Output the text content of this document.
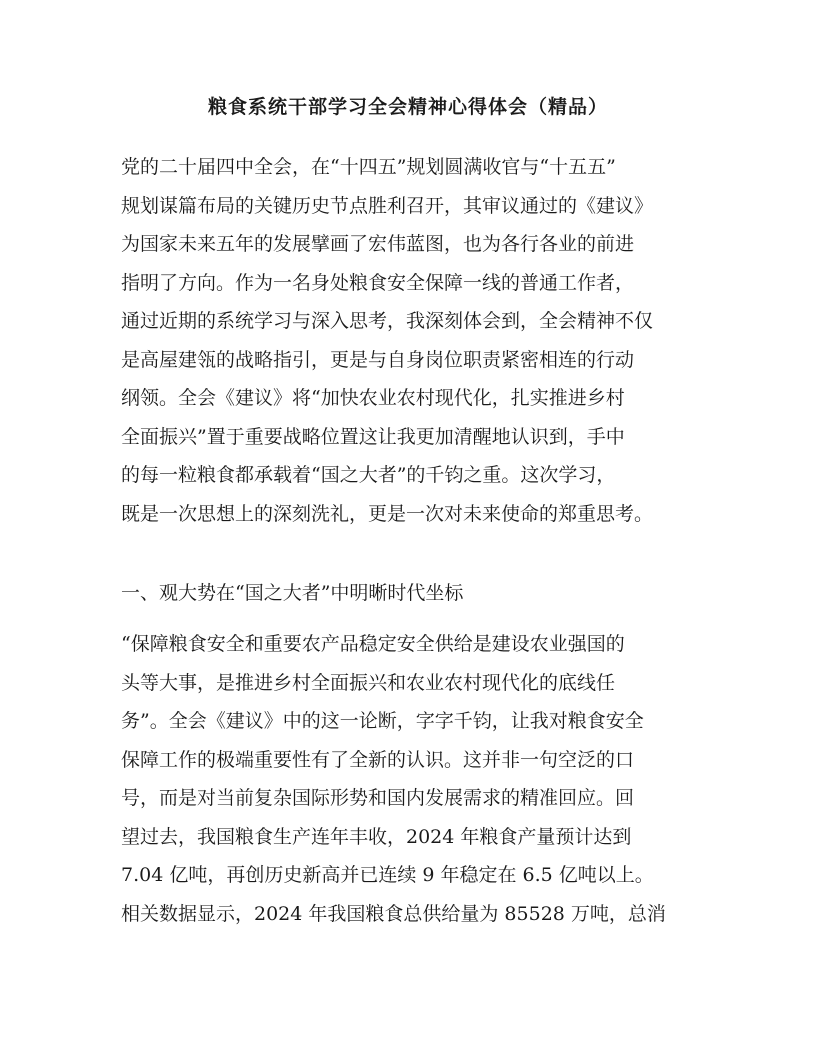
粮食系统干部学习全会精神心得体会（精品）
党的二十届四中全会，在“十四五”规划圆满收官与“十五五”
规划谋篇布局的关键历史节点胜利召开，其审议通过的《建议》
为国家未来五年的发展擘画了宏伟蓝图，也为各行各业的前进
指明了方向。作为一名身处粮食安全保障一线的普通工作者，
通过近期的系统学习与深入思考，我深刻体会到，全会精神不仅
是高屋建瓴的战略指引，更是与自身岗位职责紧密相连的行动
纲领。全会《建议》将“加快农业农村现代化，扎实推进乡村
全面振兴”置于重要战略位置这让我更加清醒地认识到，手中
的每一粒粮食都承载着“国之大者”的千钧之重。这次学习，
既是一次思想上的深刻洗礼，更是一次对未来使命的郑重思考。
一、观大势在“国之大者”中明晰时代坐标
“保障粮食安全和重要农产品稳定安全供给是建设农业强国的
头等大事，是推进乡村全面振兴和农业农村现代化的底线任
务”。全会《建议》中的这一论断，字字千钧，让我对粮食安全
保障工作的极端重要性有了全新的认识。这并非一句空泛的口
号，而是对当前复杂国际形势和国内发展需求的精准回应。回
望过去，我国粮食生产连年丰收，2024 年粮食产量预计达到
7.04 亿吨，再创历史新高并已连续 9 年稳定在 6.5 亿吨以上。
相关数据显示，2024 年我国粮食总供给量为 85528 万吨，总消
